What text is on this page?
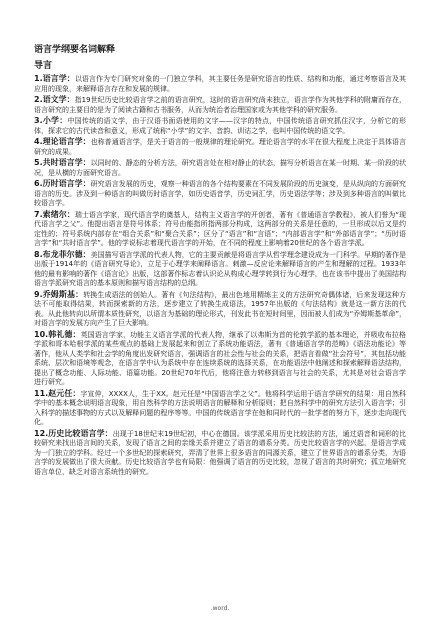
语言学纲要名词解释
导言

1.语言学：以语言作为专门研究对象的一门独立学科，其主要任务是研究语言的性质、结构和功能，通过考察语言及其应用的现象，来解释语言存在和发展的规律。

2.语文学：指19世纪历史比较语言学之前的语言研究，这时的语言研究尚未独立，语言学作为其他学科的附庸而存在，语言研究的主要目的是为了阅读古籍和古书服务，从而为统治者治理国家或为其他学科的研究服务。

3.小学：中国传统的语文学，由于汉语书面语使用的文字——汉字的特点，中国传统语言研究抓住汉字，分析它的形体，探求它的古代读音和意义，形成了统称“小学”的文字、音韵、训诂之学，也叫中国传统的语文学。

4.理论语言学：也称普通语言学，是关于语言的一般规律的理论研究。理论语言学的水平在很大程度上决定于具体语言研究的成果。

5.共时语言学：以同时的、静态的分析方法，研究语言处在相对静止的状态，描写分析语言在某一时期、某一阶段的状况，是从横的方面研究语言。

6.历时语言学：研究语言发展的历史，观察一种语言的各个结构要素在不同发展阶段的历史演变，是从纵向的方面研究语言的历史。涉及到一种语言的叫做历时语言学，如历史语音学，历史词汇学，历史语法学等；涉及到多种语言的叫做比较语言学。

7.索绪尔：瑞士语言学家，现代语言学的奠基人，结构主义语言学的开创者，著有《普通语言学教程》，被人们誉为“现代语言学之父”。他提出语言是符号体系；符号由能指所指两部分构成，这两部分的关系是任意的，一旦形成以后又是约定性的；符号系统内部存在“组合关系”和“聚合关系”；区分了“语言”和“言语”；“内部语言学”和“外部语言学”；“历时语言学”和“共时语言学”。他的学说标志着现代语言学的开始，在不同的程度上影响着20世纪的各个语言学派。

8.布龙菲尔德：美国描写语言学派的代表人物，它的主要贡献是将语言学从哲学理念建设成为一门科学。早期的著作是出版于1914年的《语言研究导论》，立足于心理学来阐释语言。刺激—反应论来解释语言的产生和理解的过程。1933年他的最有影响的著作《语言论》出版，这部著作标志着认识论从构成心理学转到行为心理学，也在该书中提出了美国结构语言学派研究语言的基本原则和描写语言结构的总纲。

9.乔姆斯基：转换生成语法的创始人。著有《句法结构》，最出色地用精练主义的方法研究奇偶体诸，后来发现这种方法不可能取得结果，转而探索新的方法，逐步建立了转换生成语法，1957年出版的《句法结构》就是这一新方法的代表。从此他转向以所谓本质性研究，以语言为基础的理论形式，刊发此书在短时间里，因而被人们成为“乔姆斯基革命”，对语言学的发展方向产生了巨大影响。

10.韩礼德：英国语言学家，功能主义语言学派的代表人物，继承了以弗斯为首的伦敦学派的基本理论，并吸收布拉格学派和哥本哈根学派的某些观点的基础上发展起来和创立了系统功能语法，著有《普通语言学的范畴》《语法功能论》等著作，他从人类学和社会学的角度出发研究语言，强调语言的社会性与社会的关系，把语言看做“社会符号”，其包括功能系统、层次和语境等观念，在语言学中认为系统中存在连续系统的选择关系，在功能语法中他阐述和探索解释语法结构，提出了概念功能、人际功能、语篇功能。20世纪70年代后，他将注意力转移到语言与社会的关系，尤其是对社会语言学进行研究。

11.赵元任：字宣仲，XXXX人，生于XX。赵元任是“中国语言学之父”。他将科学运用于语言学研究的结果：用自然科学中的基本概念说明语言现象，用自然科学的方法说明语言的解释和分析原则；把自然科学中的研究方法引入语言学；引入科学的描述事物的方式以及解释问题的程序等等。中国的传统语言学在他和同时代的一批学者的努力下，逐步走向现代化。

12.历史比较语言学：出现于18世纪末19世纪初，中心在德国。该学派采用历史比较法的方法，通过语音和词形的比较研究来找出语言间的关系，发现了语言之间的亲缘关系并建立了语言的谱系分类。历史比较语言学的兴起，是语言学成为一门独立的学科。经过一个多世纪的探索研究，弄清了世界上很多语言的同源关系，建立了世界语言的谱系分类，为语言学的发展做出了很大贡献。历史比较语言学也有局限：他强调了语言的历史比较，忽视了语言的共时研究；孤立地研究语言单位，缺乏对语言系统性的研究。

.word.
